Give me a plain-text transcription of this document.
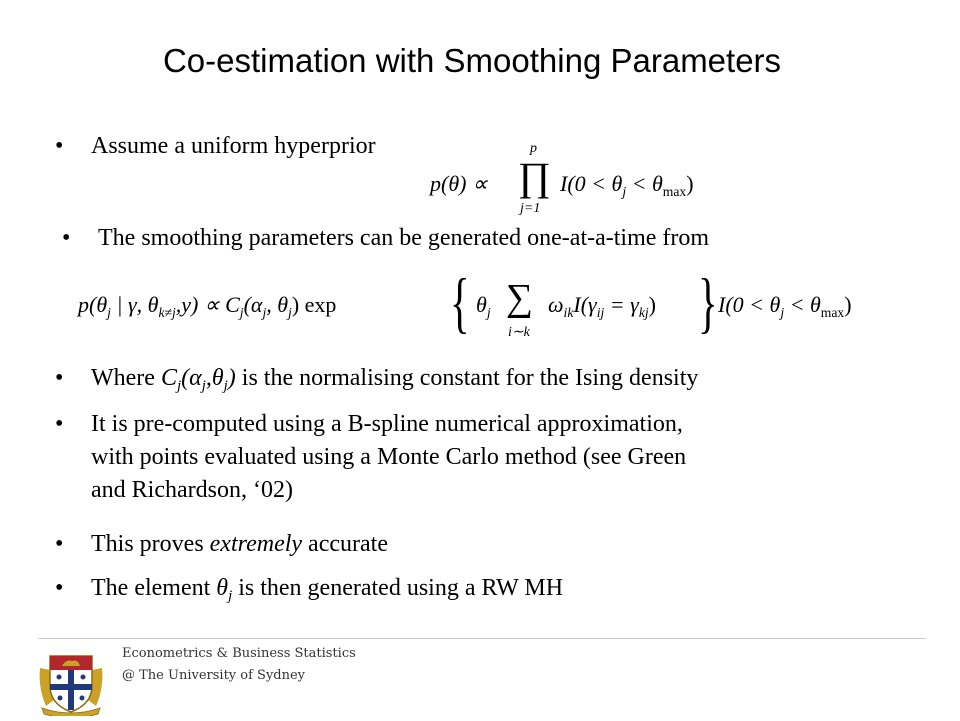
Co-estimation with Smoothing Parameters
• Assume a uniform hyperprior
p(θ) ∝ ∏
p
j=1
$I(0 < \theta_j < \theta_{max})$
• The smoothing parameters can be generated one-at-a-time from
$p(\theta_j$ | γ, $\theta_{k\ne j},y) \propto C_j(\alpha_j$, $\theta_j$) exp { $\theta_j$ ∑
i∼k
$\omega_{ik}I(\gamma_{ij} = \gamma_{kj})$ } $I(0 < \theta_j < \theta_{max})$
• Where $C_j(\alpha_j,\theta_j)$ is the normalising constant for the Ising density
• It is pre-computed using a B-spline numerical approximation,
with points evaluated using a Monte Carlo method (see Green
and Richardson, ‘02)
• This proves extremely accurate
• The element $\theta_j$ is then generated using a RW MH
Econometrics & Business Statistics
@ The University of Sydney
